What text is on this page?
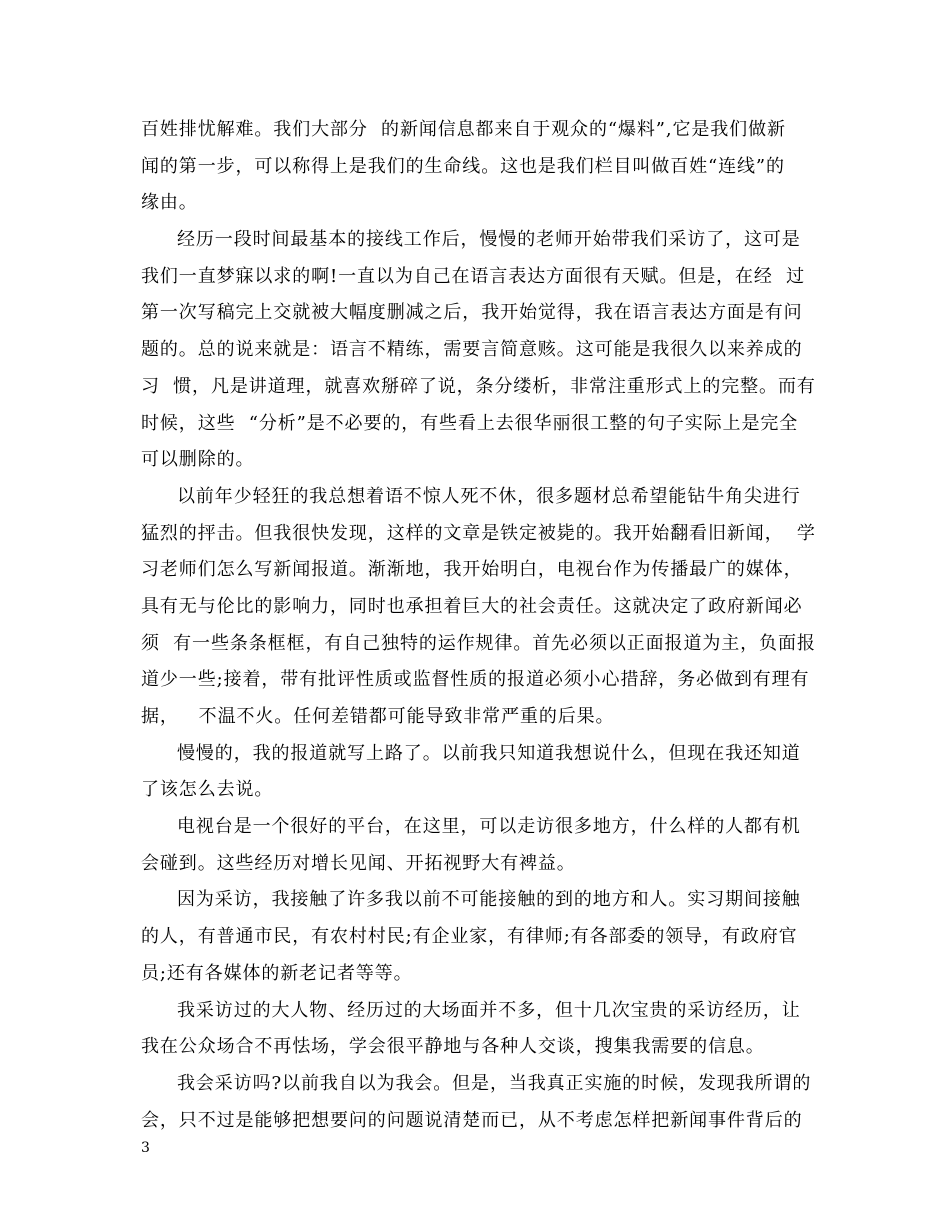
百姓排忧解难。我们大部分  的新闻信息都来自于观众的“爆料”,它是我们做新
闻的第一步，可以称得上是我们的生命线。这也是我们栏目叫做百姓“连线”的
缘由。
经历一段时间最基本的接线工作后，慢慢的老师开始带我们采访了，这可是
我们一直梦寐以求的啊!一直以为自己在语言表达方面很有天赋。但是，在经  过
第一次写稿完上交就被大幅度删减之后，我开始觉得，我在语言表达方面是有问
题的。总的说来就是：语言不精练，需要言简意赅。这可能是我很久以来养成的
习  惯，凡是讲道理，就喜欢掰碎了说，条分缕析，非常注重形式上的完整。而有
时候，这些  “分析”是不必要的，有些看上去很华丽很工整的句子实际上是完全
可以删除的。
以前年少轻狂的我总想着语不惊人死不休，很多题材总希望能钻牛角尖进行
猛烈的抨击。但我很快发现，这样的文章是铁定被毙的。我开始翻看旧新闻，  学
习老师们怎么写新闻报道。渐渐地，我开始明白，电视台作为传播最广的媒体，
具有无与伦比的影响力，同时也承担着巨大的社会责任。这就决定了政府新闻必
须  有一些条条框框，有自己独特的运作规律。首先必须以正面报道为主，负面报
道少一些;接着，带有批评性质或监督性质的报道必须小心措辞，务必做到有理有
据，   不温不火。任何差错都可能导致非常严重的后果。
慢慢的，我的报道就写上路了。以前我只知道我想说什么，但现在我还知道
了该怎么去说。
电视台是一个很好的平台，在这里，可以走访很多地方，什么样的人都有机
会碰到。这些经历对增长见闻、开拓视野大有裨益。
因为采访，我接触了许多我以前不可能接触的到的地方和人。实习期间接触
的人，有普通市民，有农村村民;有企业家，有律师;有各部委的领导，有政府官
员;还有各媒体的新老记者等等。
我采访过的大人物、经历过的大场面并不多，但十几次宝贵的采访经历，让
我在公众场合不再怯场，学会很平静地与各种人交谈，搜集我需要的信息。
我会采访吗?以前我自以为我会。但是，当我真正实施的时候，发现我所谓的
会，只不过是能够把想要问的问题说清楚而已，从不考虑怎样把新闻事件背后的
3
